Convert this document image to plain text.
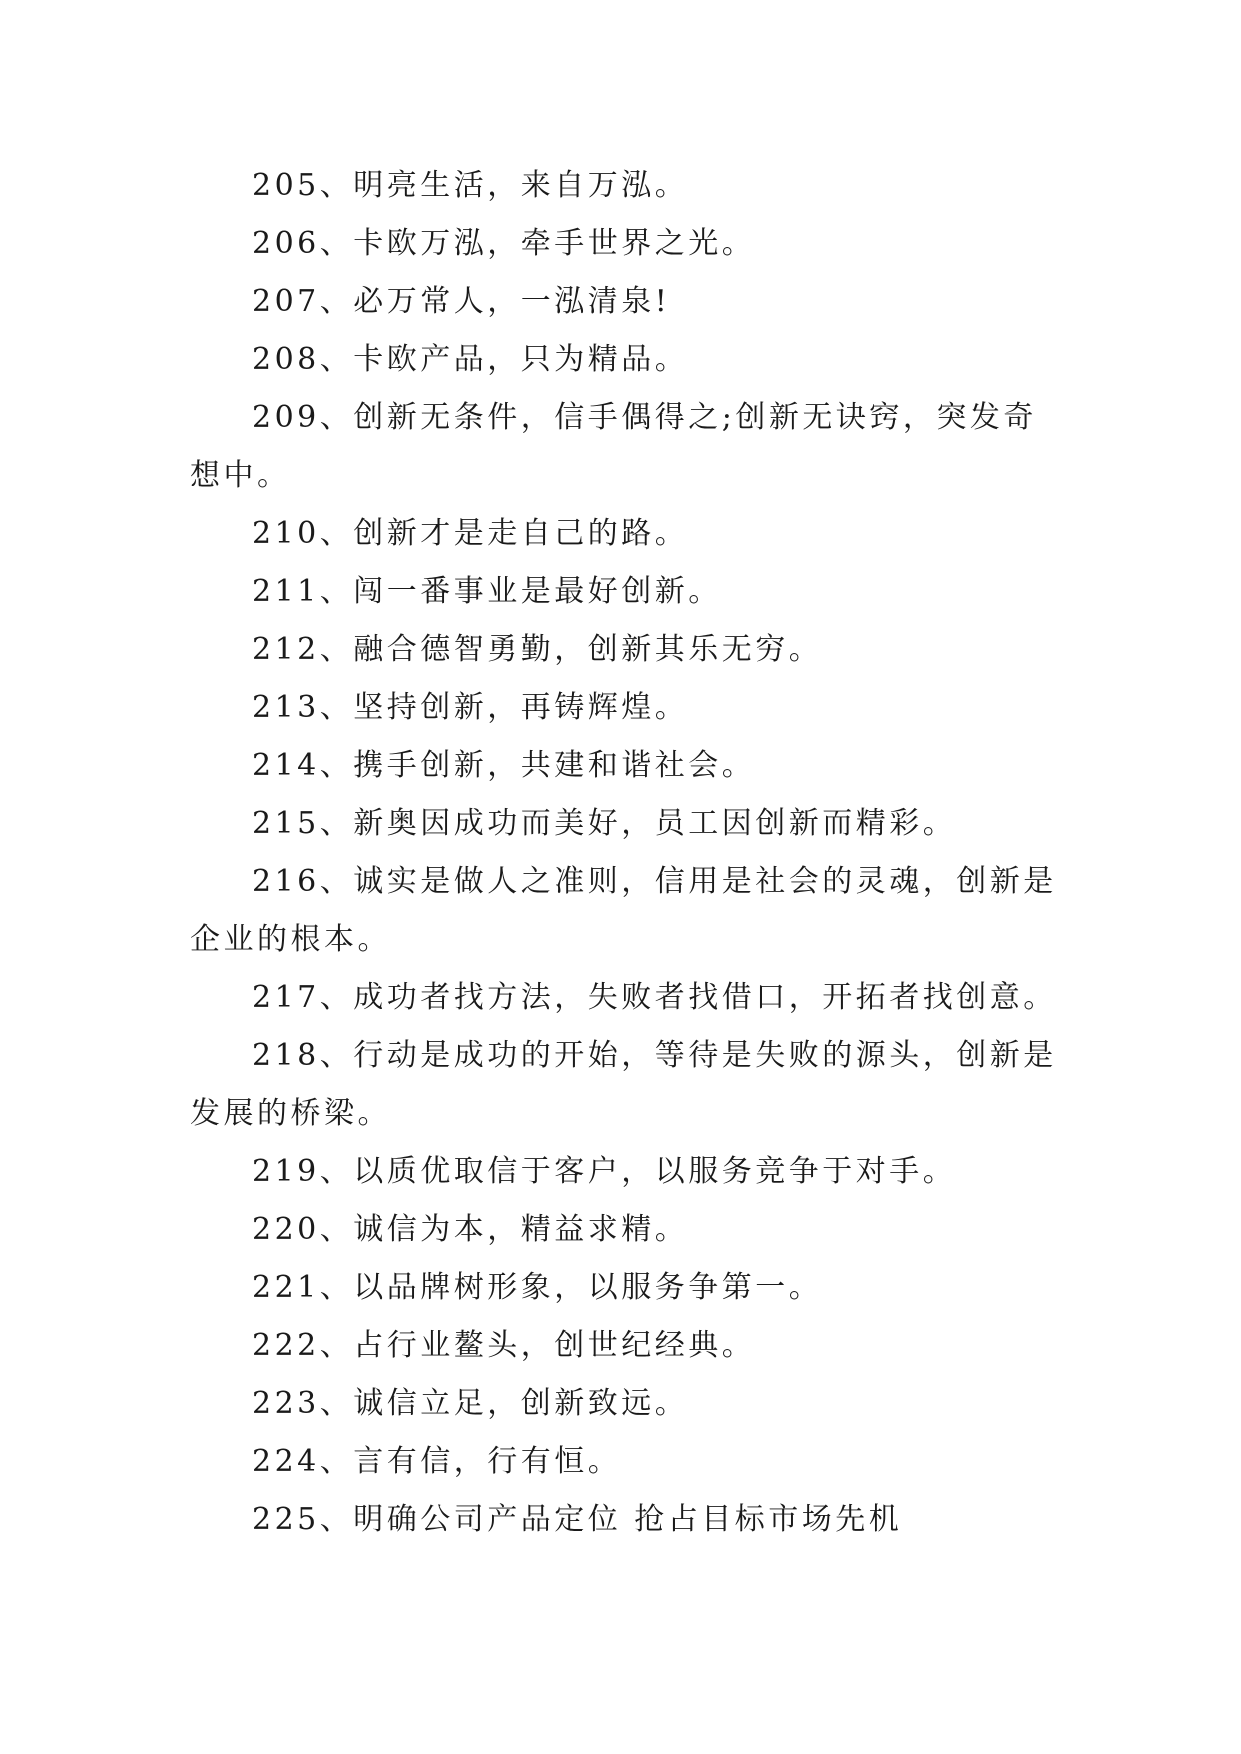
205、明亮生活，来自万泓。

206、卡欧万泓，牵手世界之光。

207、必万常人，一泓清泉!

208、卡欧产品，只为精品。

209、创新无条件，信手偶得之;创新无诀窍，突发奇想中。

210、创新才是走自己的路。

211、闯一番事业是最好创新。

212、融合德智勇勤，创新其乐无穷。

213、坚持创新，再铸辉煌。

214、携手创新，共建和谐社会。

215、新奥因成功而美好，员工因创新而精彩。

216、诚实是做人之准则，信用是社会的灵魂，创新是企业的根本。

217、成功者找方法，失败者找借口，开拓者找创意。

218、行动是成功的开始，等待是失败的源头，创新是发展的桥梁。

219、以质优取信于客户，以服务竞争于对手。

220、诚信为本，精益求精。

221、以品牌树形象，以服务争第一。

222、占行业鳌头，创世纪经典。

223、诚信立足，创新致远。

224、言有信，行有恒。

225、明确公司产品定位 抢占目标市场先机
